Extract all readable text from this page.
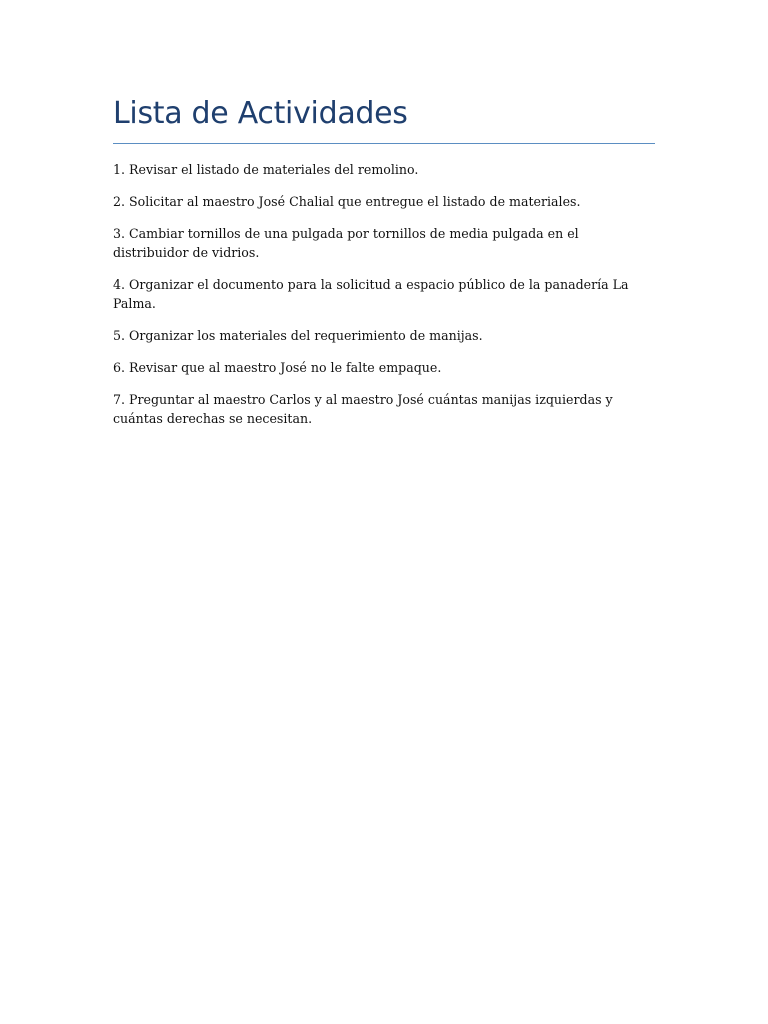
Lista de Actividades
1. Revisar el listado de materiales del remolino.
2. Solicitar al maestro José Chalial que entregue el listado de materiales.
3. Cambiar tornillos de una pulgada por tornillos de media pulgada en el distribuidor de vidrios.
4. Organizar el documento para la solicitud a espacio público de la panadería La Palma.
5. Organizar los materiales del requerimiento de manijas.
6. Revisar que al maestro José no le falte empaque.
7. Preguntar al maestro Carlos y al maestro José cuántas manijas izquierdas y cuántas derechas se necesitan.
